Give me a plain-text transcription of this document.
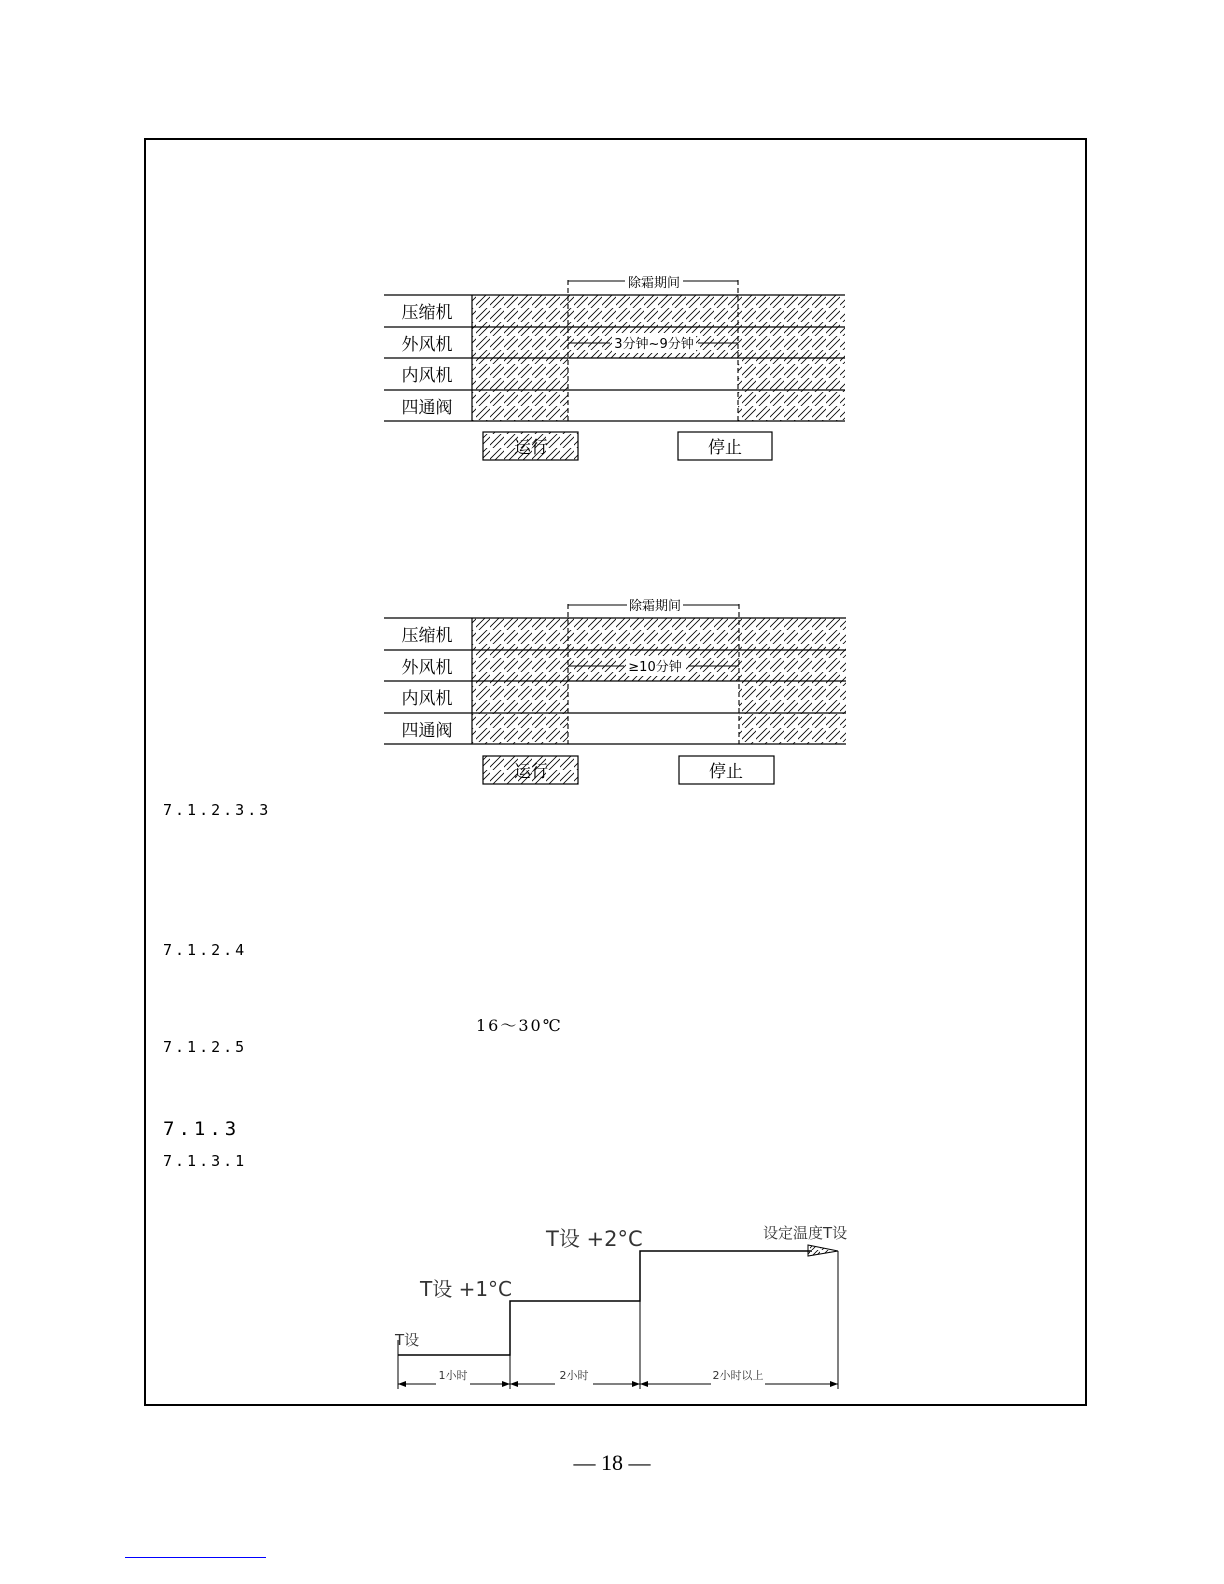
除霜期间
3分钟~9分钟
压缩机
外风机
内风机
四通阀
运行	停止
除霜期间
≥10分钟
压缩机
外风机
内风机
四通阀
运行	停止
1小时	2小时	2小时以上
T设
T设 +1°C
T设 +2°C	设定温度T设
7.1.2.3.3
7.1.2.4
16～30℃
7.1.2.5
7.1.3
7.1.3.1
— 18 —
